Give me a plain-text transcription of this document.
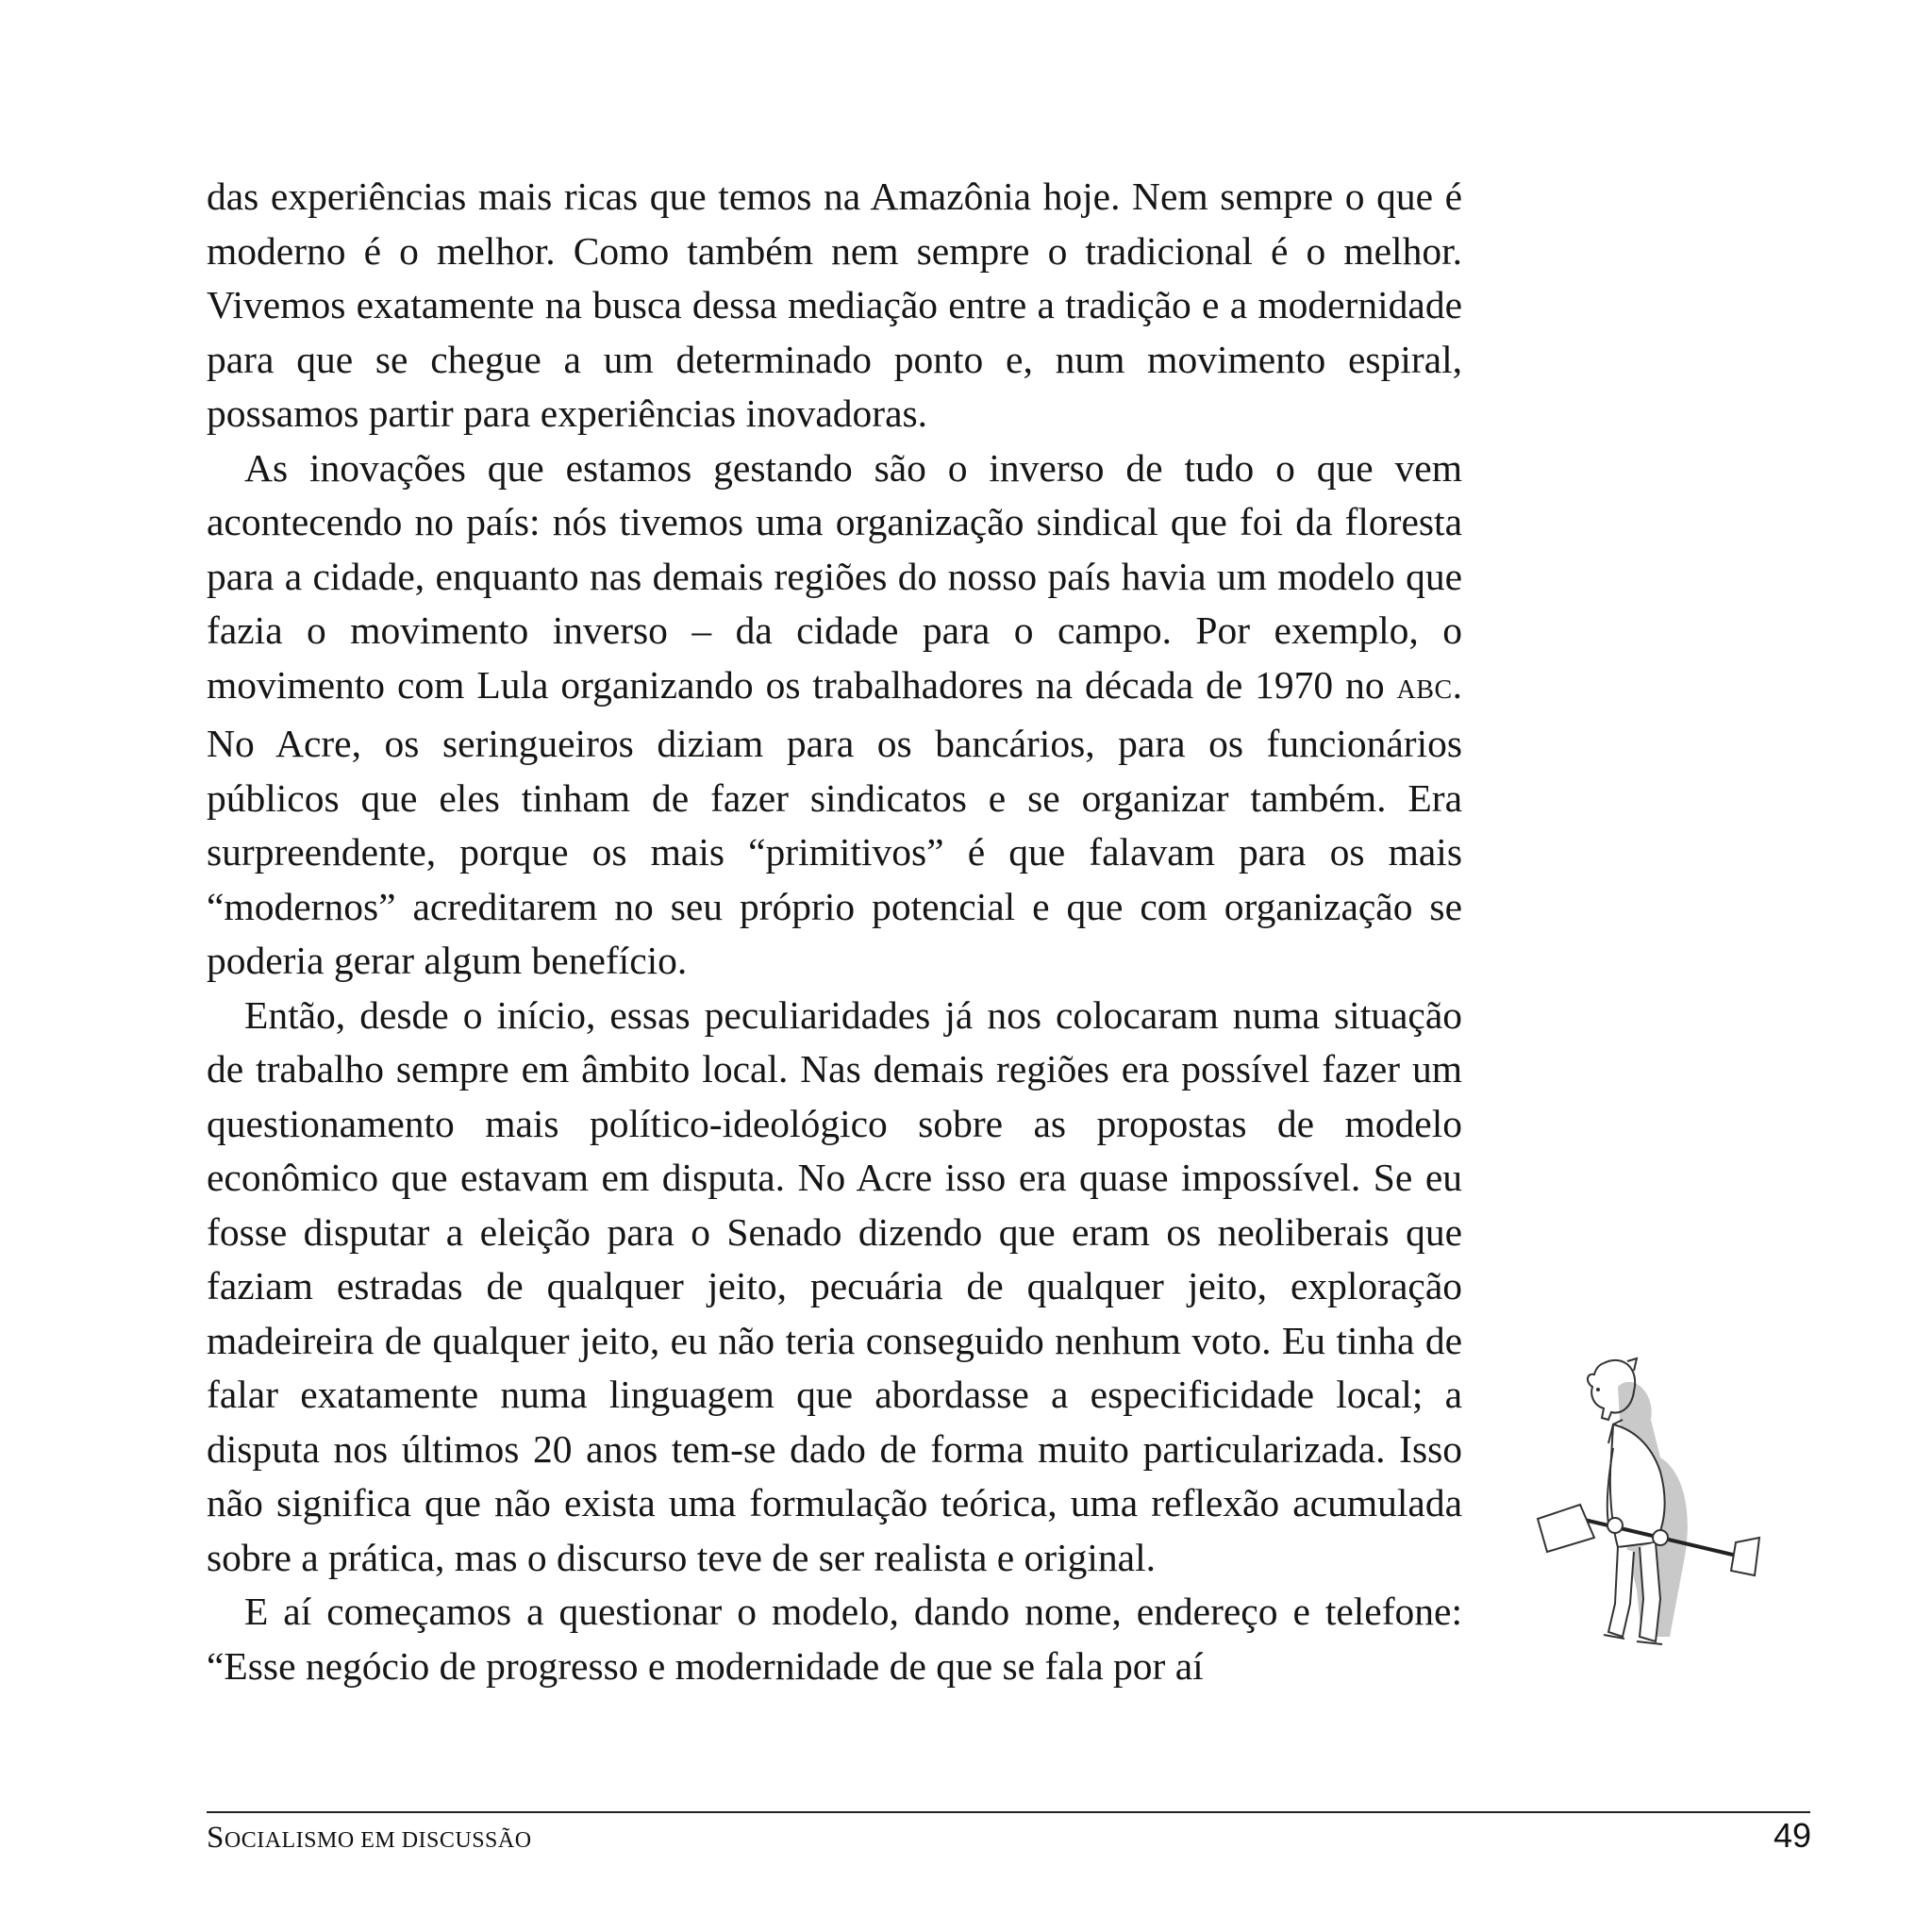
das experiências mais ricas que temos na Amazônia hoje. Nem sempre o que é moderno é o melhor. Como também nem sempre o tradicional é o melhor. Vivemos exatamente na busca dessa mediação entre a tradição e a modernidade para que se chegue a um determinado ponto e, num movimento espiral, possamos partir para experiências inovadoras.

As inovações que estamos gestando são o inverso de tudo o que vem acontecendo no país: nós tivemos uma organização sindical que foi da floresta para a cidade, enquanto nas demais regiões do nosso país havia um modelo que fazia o movimento inverso – da cidade para o campo. Por exemplo, o movimento com Lula organizando os trabalhadores na década de 1970 no ABC. No Acre, os seringueiros diziam para os bancários, para os funcionários públicos que eles tinham de fazer sindicatos e se organizar também. Era surpreendente, porque os mais “primitivos” é que falavam para os mais “modernos” acreditarem no seu próprio potencial e que com organização se poderia gerar algum benefício.

Então, desde o início, essas peculiaridades já nos colocaram numa situação de trabalho sempre em âmbito local. Nas demais regiões era possível fazer um questionamento mais político-ideológico sobre as propostas de modelo econômico que estavam em disputa. No Acre isso era quase impossível. Se eu fosse disputar a eleição para o Senado dizendo que eram os neoliberais que faziam estradas de qualquer jeito, pecuária de qualquer jeito, exploração madeireira de qualquer jeito, eu não teria conseguido nenhum voto. Eu tinha de falar exatamente numa linguagem que abordasse a especificidade local; a disputa nos últimos 20 anos tem-se dado de forma muito particularizada. Isso não significa que não exista uma formulação teórica, uma reflexão acumulada sobre a prática, mas o discurso teve de ser realista e original.

E aí começamos a questionar o modelo, dando nome, endereço e telefone: “Esse negócio de progresso e modernidade de que se fala por aí

SOCIALISMO EM DISCUSSÃO	49
